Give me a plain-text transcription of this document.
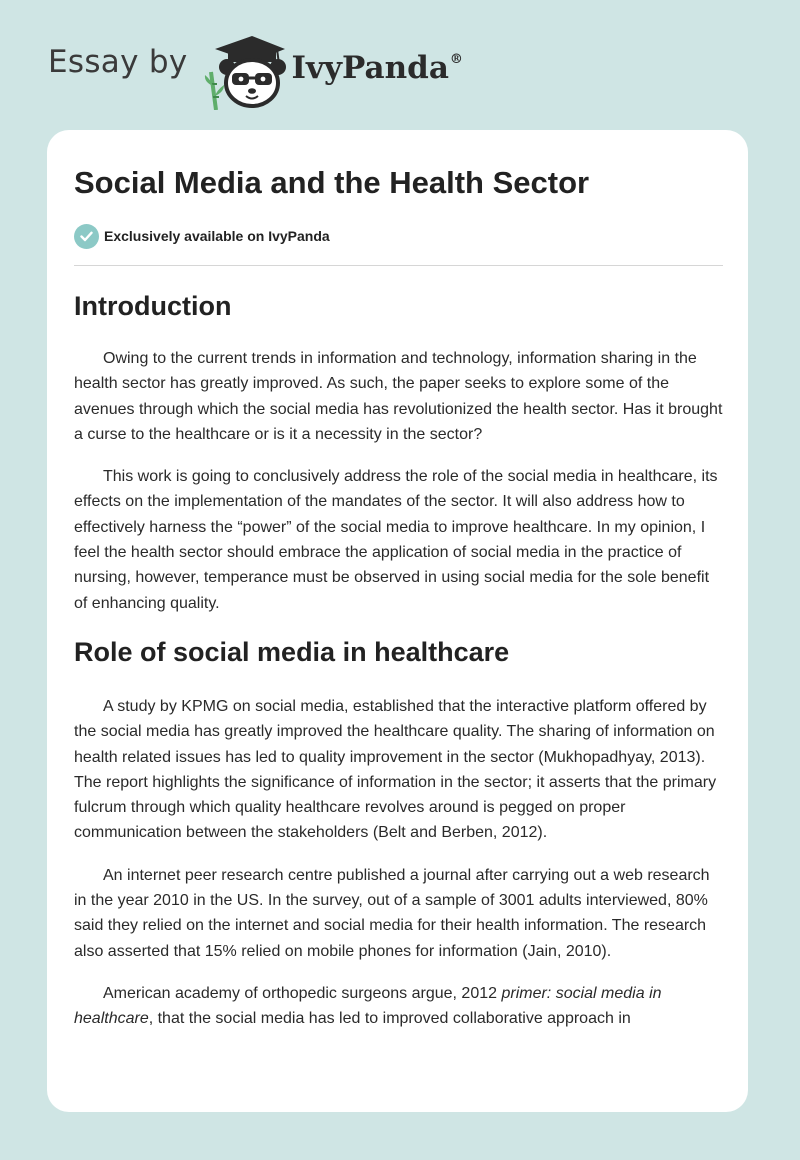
Essay by	IvyPanda®
Social Media and the Health Sector
Exclusively available on IvyPanda
Introduction

Owing to the current trends in information and technology, information sharing in the health sector has greatly improved. As such, the paper seeks to explore some of the avenues through which the social media has revolutionized the health sector. Has it brought a curse to the healthcare or is it a necessity in the sector?

This work is going to conclusively address the role of the social media in healthcare, its effects on the implementation of the mandates of the sector. It will also address how to effectively harness the “power” of the social media to improve healthcare. In my opinion, I feel the health sector should embrace the application of social media in the practice of nursing, however, temperance must be observed in using social media for the sole benefit of enhancing quality.

Role of social media in healthcare

A study by KPMG on social media, established that the interactive platform offered by the social media has greatly improved the healthcare quality. The sharing of information on health related issues has led to quality improvement in the sector (Mukhopadhyay, 2013). The report highlights the significance of information in the sector; it asserts that the primary fulcrum through which quality healthcare revolves around is pegged on proper communication between the stakeholders (Belt and Berben, 2012).

An internet peer research centre published a journal after carrying out a web research in the year 2010 in the US. In the survey, out of a sample of 3001 adults interviewed, 80% said they relied on the internet and social media for their health information. The research also asserted that 15% relied on mobile phones for information (Jain, 2010).

American academy of orthopedic surgeons argue, 2012 primer: social media in healthcare, that the social media has led to improved collaborative approach in
